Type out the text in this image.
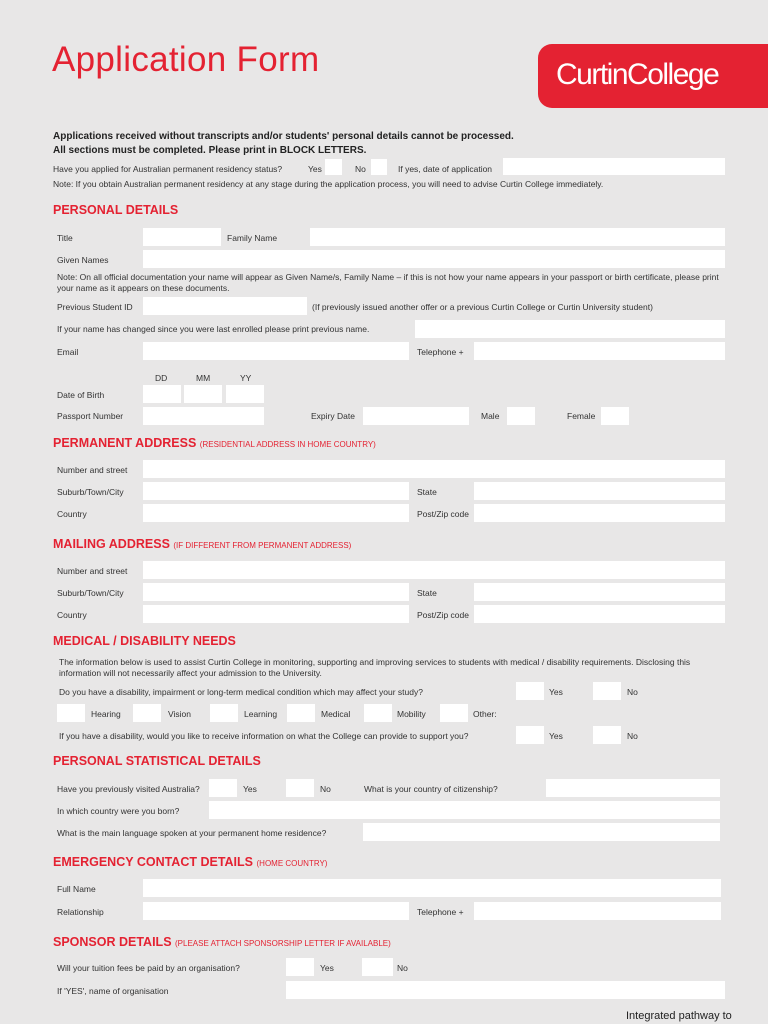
Application Form	CurtinCollege
Applications received without transcripts and/or students' personal details cannot be processed.
All sections must be completed. Please print in BLOCK LETTERS.
Have you applied for Australian permanent residency status?	Yes	No	If yes, date of application
Note: If you obtain Australian permanent residency at any stage during the application process, you will need to advise Curtin College immediately.
PERSONAL DETAILS
Title	Family Name
Given Names
Note: On all official documentation your name will appear as Given Name/s, Family Name – if this is not how your name appears in your passport or birth certificate, please print your name as it appears on these documents.
Previous Student ID	(If previously issued another offer or a previous Curtin College or Curtin University student)
If your name has changed since you were last enrolled please print previous name.
Email	Telephone +
DD	MM	YY
Date of Birth
Passport Number	Expiry Date	Male	Female
PERMANENT ADDRESS (RESIDENTIAL ADDRESS IN HOME COUNTRY)
Number and street
Suburb/Town/City	State
Country	Post/Zip code
MAILING ADDRESS (IF DIFFERENT FROM PERMANENT ADDRESS)
Number and street
Suburb/Town/City	State
Country	Post/Zip code
MEDICAL / DISABILITY NEEDS
The information below is used to assist Curtin College in monitoring, supporting and improving services to students with medical / disability requirements. Disclosing this information will not necessarily affect your admission to the University.
Do you have a disability, impairment or long-term medical condition which may affect your study?	Yes	No
Hearing	Vision	Learning	Medical	Mobility	Other:
If you have a disability, would you like to receive information on what the College can provide to support you?	Yes	No
PERSONAL STATISTICAL DETAILS
Have you previously visited Australia?	Yes	No	What is your country of citizenship?
In which country were you born?
What is the main language spoken at your permanent home residence?
EMERGENCY CONTACT DETAILS (HOME COUNTRY)
Full Name
Relationship	Telephone +
SPONSOR DETAILS (PLEASE ATTACH SPONSORSHIP LETTER IF AVAILABLE)
Will your tuition fees be paid by an organisation?	Yes	No
If 'YES', name of organisation
Integrated pathway to
